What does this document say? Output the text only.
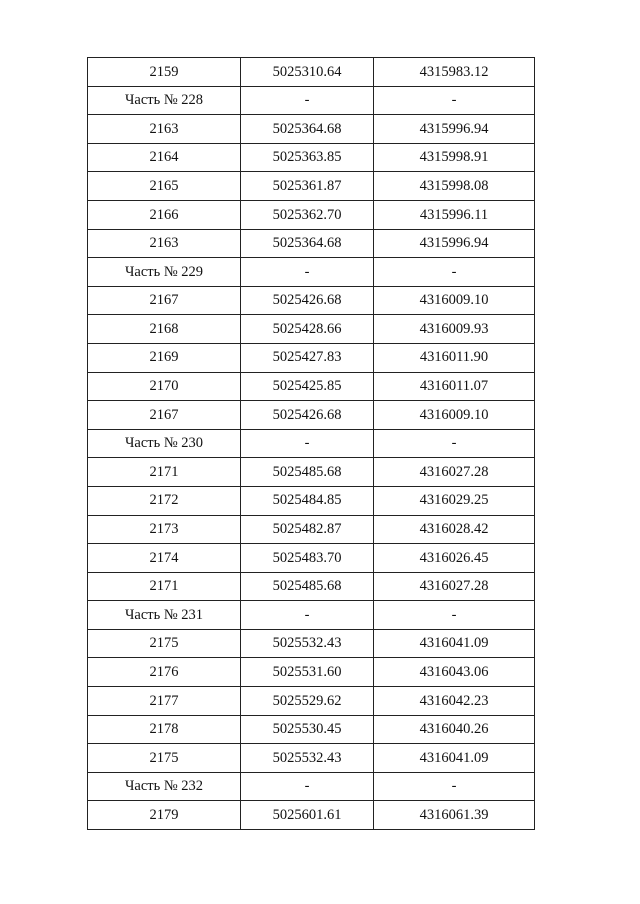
2159	5025310.64	4315983.12
Часть № 228	-	-
2163	5025364.68	4315996.94
2164	5025363.85	4315998.91
2165	5025361.87	4315998.08
2166	5025362.70	4315996.11
2163	5025364.68	4315996.94
Часть № 229	-	-
2167	5025426.68	4316009.10
2168	5025428.66	4316009.93
2169	5025427.83	4316011.90
2170	5025425.85	4316011.07
2167	5025426.68	4316009.10
Часть № 230	-	-
2171	5025485.68	4316027.28
2172	5025484.85	4316029.25
2173	5025482.87	4316028.42
2174	5025483.70	4316026.45
2171	5025485.68	4316027.28
Часть № 231	-	-
2175	5025532.43	4316041.09
2176	5025531.60	4316043.06
2177	5025529.62	4316042.23
2178	5025530.45	4316040.26
2175	5025532.43	4316041.09
Часть № 232	-	-
2179	5025601.61	4316061.39
